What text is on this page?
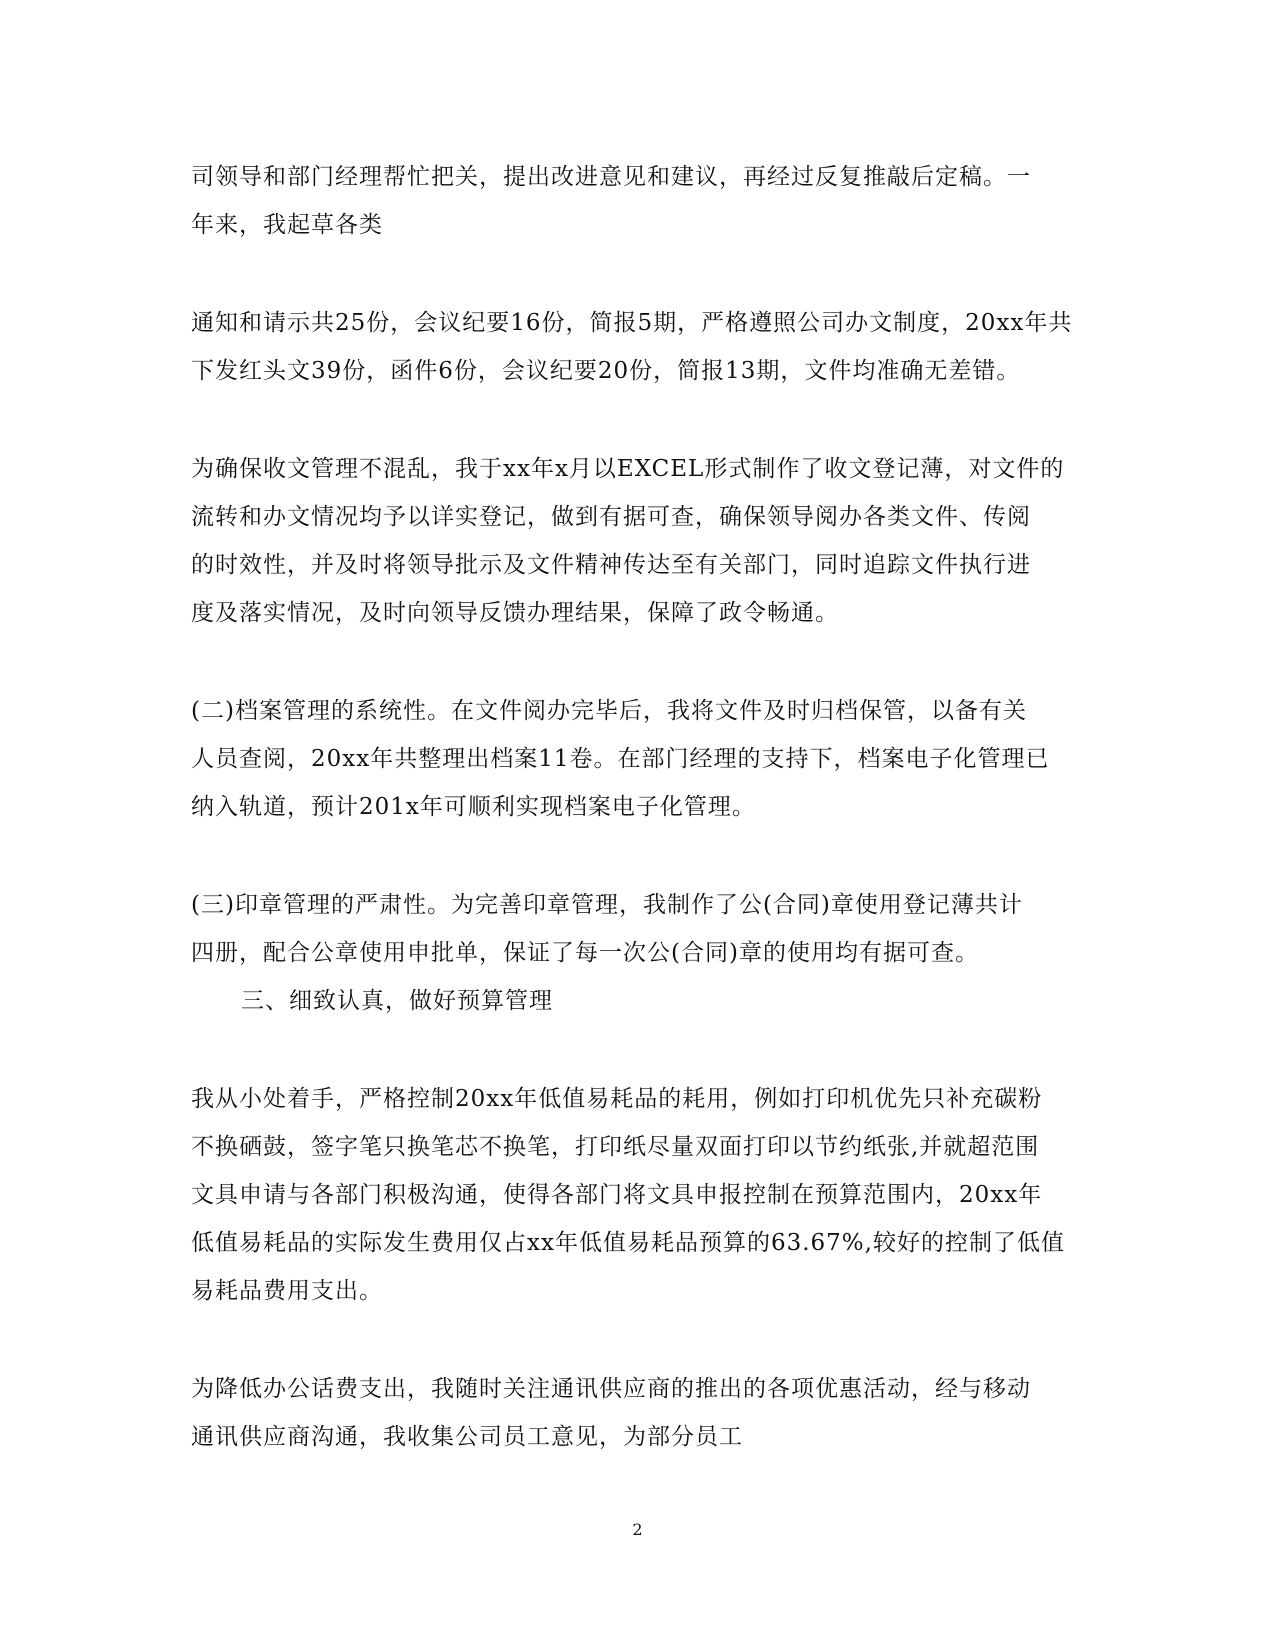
司领导和部门经理帮忙把关，提出改进意见和建议，再经过反复推敲后定稿。一
年来，我起草各类

通知和请示共25份，会议纪要16份，简报5期，严格遵照公司办文制度，20xx年共
下发红头文39份，函件6份，会议纪要20份，简报13期，文件均准确无差错。

为确保收文管理不混乱，我于xx年x月以EXCEL形式制作了收文登记薄，对文件的
流转和办文情况均予以详实登记，做到有据可查，确保领导阅办各类文件、传阅
的时效性，并及时将领导批示及文件精神传达至有关部门，同时追踪文件执行进
度及落实情况，及时向领导反馈办理结果，保障了政令畅通。

(二)档案管理的系统性。在文件阅办完毕后，我将文件及时归档保管，以备有关
人员查阅，20xx年共整理出档案11卷。在部门经理的支持下，档案电子化管理已
纳入轨道，预计201x年可顺利实现档案电子化管理。

(三)印章管理的严肃性。为完善印章管理，我制作了公(合同)章使用登记薄共计
四册，配合公章使用申批单，保证了每一次公(合同)章的使用均有据可查。

三、细致认真，做好预算管理

我从小处着手，严格控制20xx年低值易耗品的耗用，例如打印机优先只补充碳粉
不换硒鼓，签字笔只换笔芯不换笔，打印纸尽量双面打印以节约纸张,并就超范围
文具申请与各部门积极沟通，使得各部门将文具申报控制在预算范围内，20xx年
低值易耗品的实际发生费用仅占xx年低值易耗品预算的63.67%,较好的控制了低值
易耗品费用支出。

为降低办公话费支出，我随时关注通讯供应商的推出的各项优惠活动，经与移动
通讯供应商沟通，我收集公司员工意见，为部分员工

2
